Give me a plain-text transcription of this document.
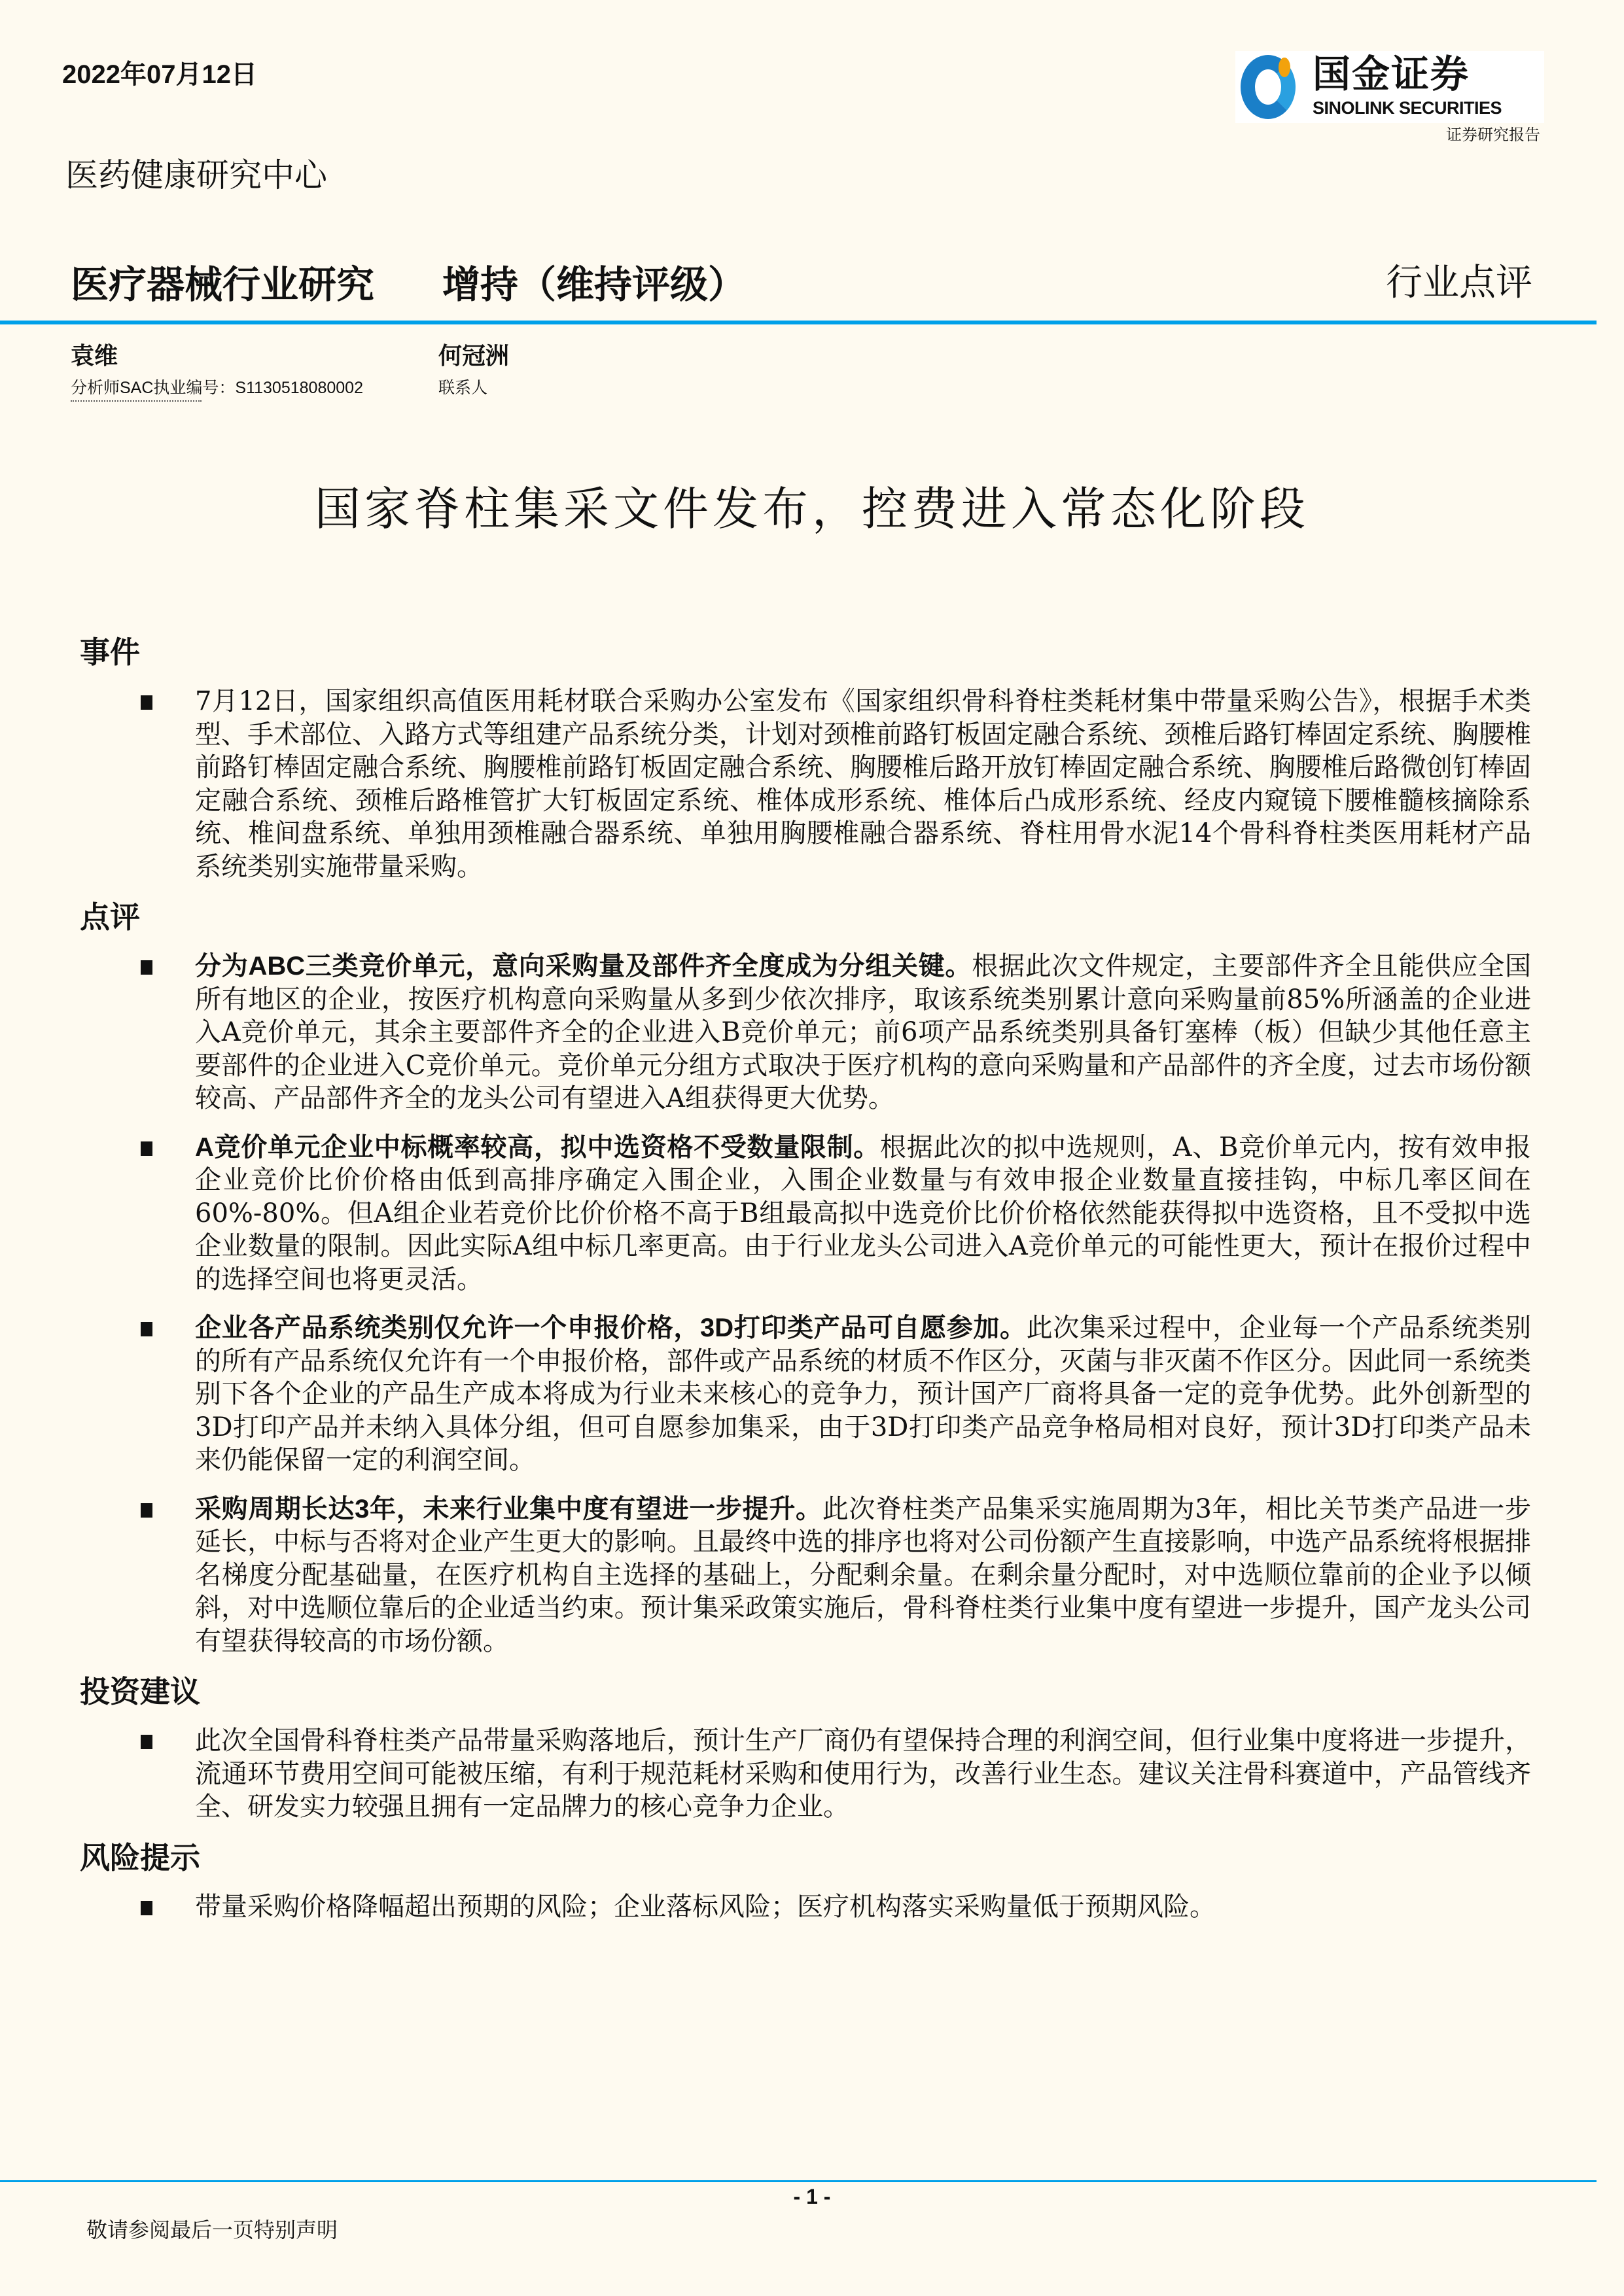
2022年07月12日	国金证券
SINOLINK SECURITIES
证券研究报告
医药健康研究中心
医疗器械行业研究 增持（维持评级）	行业点评
袁维
分析师SAC执业编号：S1130518080002
何冠洲
联系人
国家脊柱集采文件发布，控费进入常态化阶段
事件
7月12日，国家组织高值医用耗材联合采购办公室发布《国家组织骨科脊柱类耗材集中带量采购公告》，根据手术类型、手术部位、入路方式等组建产品系统分类，计划对颈椎前路钉板固定融合系统、颈椎后路钉棒固定系统、胸腰椎前路钉棒固定融合系统、胸腰椎前路钉板固定融合系统、胸腰椎后路开放钉棒固定融合系统、胸腰椎后路微创钉棒固定融合系统、颈椎后路椎管扩大钉板固定系统、椎体成形系统、椎体后凸成形系统、经皮内窥镜下腰椎髓核摘除系统、椎间盘系统、单独用颈椎融合器系统、单独用胸腰椎融合器系统、脊柱用骨水泥14个骨科脊柱类医用耗材产品系统类别实施带量采购。
点评
分为ABC三类竞价单元，意向采购量及部件齐全度成为分组关键。根据此次文件规定，主要部件齐全且能供应全国所有地区的企业，按医疗机构意向采购量从多到少依次排序，取该系统类别累计意向采购量前85%所涵盖的企业进入A竞价单元，其余主要部件齐全的企业进入B竞价单元；前6项产品系统类别具备钉塞棒（板）但缺少其他任意主要部件的企业进入C竞价单元。竞价单元分组方式取决于医疗机构的意向采购量和产品部件的齐全度，过去市场份额较高、产品部件齐全的龙头公司有望进入A组获得更大优势。
A竞价单元企业中标概率较高，拟中选资格不受数量限制。根据此次的拟中选规则，A、B竞价单元内，按有效申报企业竞价比价价格由低到高排序确定入围企业，入围企业数量与有效申报企业数量直接挂钩，中标几率区间在60%-80%。但A组企业若竞价比价价格不高于B组最高拟中选竞价比价价格依然能获得拟中选资格，且不受拟中选企业数量的限制。因此实际A组中标几率更高。由于行业龙头公司进入A竞价单元的可能性更大，预计在报价过程中的选择空间也将更灵活。
企业各产品系统类别仅允许一个申报价格，3D打印类产品可自愿参加。此次集采过程中，企业每一个产品系统类别的所有产品系统仅允许有一个申报价格，部件或产品系统的材质不作区分，灭菌与非灭菌不作区分。因此同一系统类别下各个企业的产品生产成本将成为行业未来核心的竞争力，预计国产厂商将具备一定的竞争优势。此外创新型的3D打印产品并未纳入具体分组，但可自愿参加集采，由于3D打印类产品竞争格局相对良好，预计3D打印类产品未来仍能保留一定的利润空间。
采购周期长达3年，未来行业集中度有望进一步提升。此次脊柱类产品集采实施周期为3年，相比关节类产品进一步延长，中标与否将对企业产生更大的影响。且最终中选的排序也将对公司份额产生直接影响，中选产品系统将根据排名梯度分配基础量，在医疗机构自主选择的基础上，分配剩余量。在剩余量分配时，对中选顺位靠前的企业予以倾斜，对中选顺位靠后的企业适当约束。预计集采政策实施后，骨科脊柱类行业集中度有望进一步提升，国产龙头公司有望获得较高的市场份额。
投资建议
此次全国骨科脊柱类产品带量采购落地后，预计生产厂商仍有望保持合理的利润空间，但行业集中度将进一步提升，流通环节费用空间可能被压缩，有利于规范耗材采购和使用行为，改善行业生态。建议关注骨科赛道中，产品管线齐全、研发实力较强且拥有一定品牌力的核心竞争力企业。
风险提示
带量采购价格降幅超出预期的风险；企业落标风险；医疗机构落实采购量低于预期风险。
- 1 -
敬请参阅最后一页特别声明
